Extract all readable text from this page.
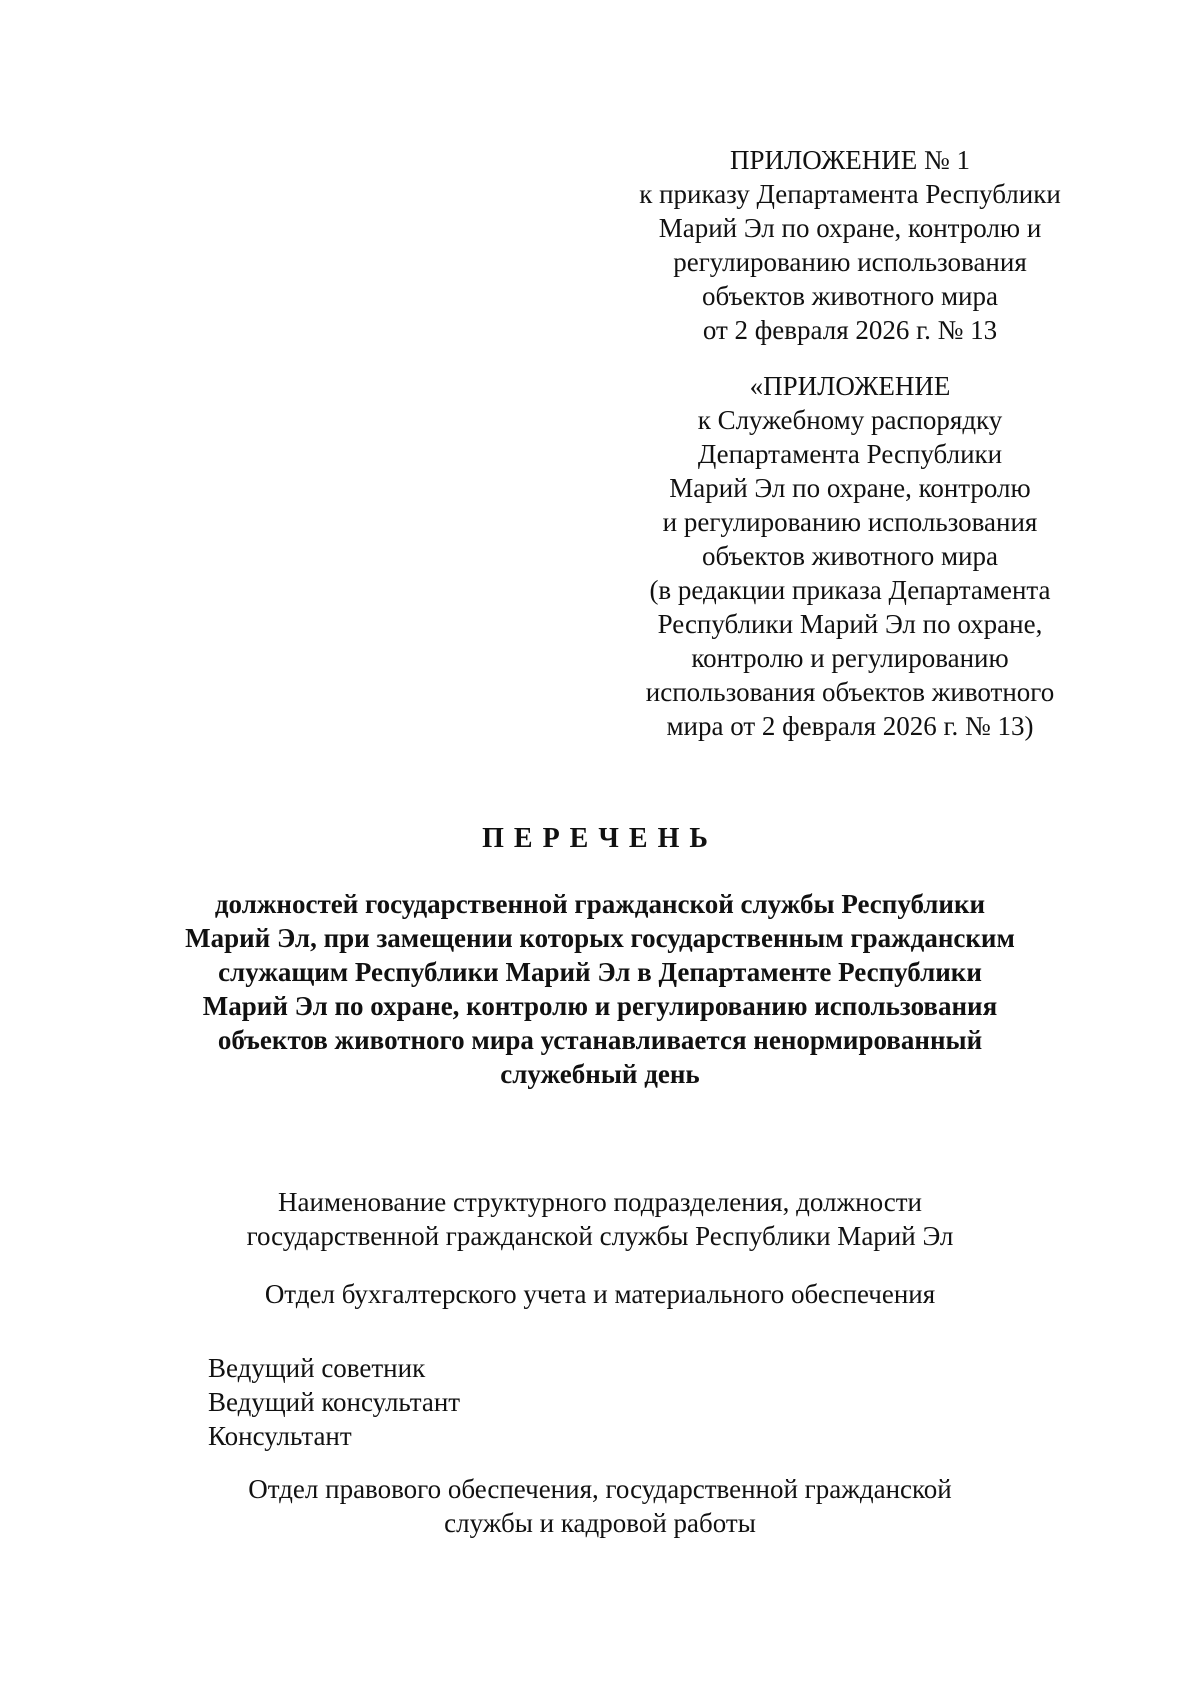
ПРИЛОЖЕНИЕ № 1
к приказу Департамента Республики
Марий Эл по охране, контролю и
регулированию использования
объектов животного мира
от 2 февраля 2026 г. № 13
«ПРИЛОЖЕНИЕ
к Служебному распорядку
Департамента Республики
Марий Эл по охране, контролю
и регулированию использования
объектов животного мира
(в редакции приказа Департамента
Республики Марий Эл по охране,
контролю и регулированию
использования объектов животного
мира от 2 февраля 2026 г. № 13)
ПЕРЕЧЕНЬ
должностей государственной гражданской службы Республики
Марий Эл, при замещении которых государственным гражданским
служащим Республики Марий Эл в Департаменте Республики
Марий Эл по охране, контролю и регулированию использования
объектов животного мира устанавливается ненормированный
служебный день
Наименование структурного подразделения, должности
государственной гражданской службы Республики Марий Эл
Отдел бухгалтерского учета и материального обеспечения
Ведущий советник
Ведущий консультант
Консультант
Отдел правового обеспечения, государственной гражданской
службы и кадровой работы
